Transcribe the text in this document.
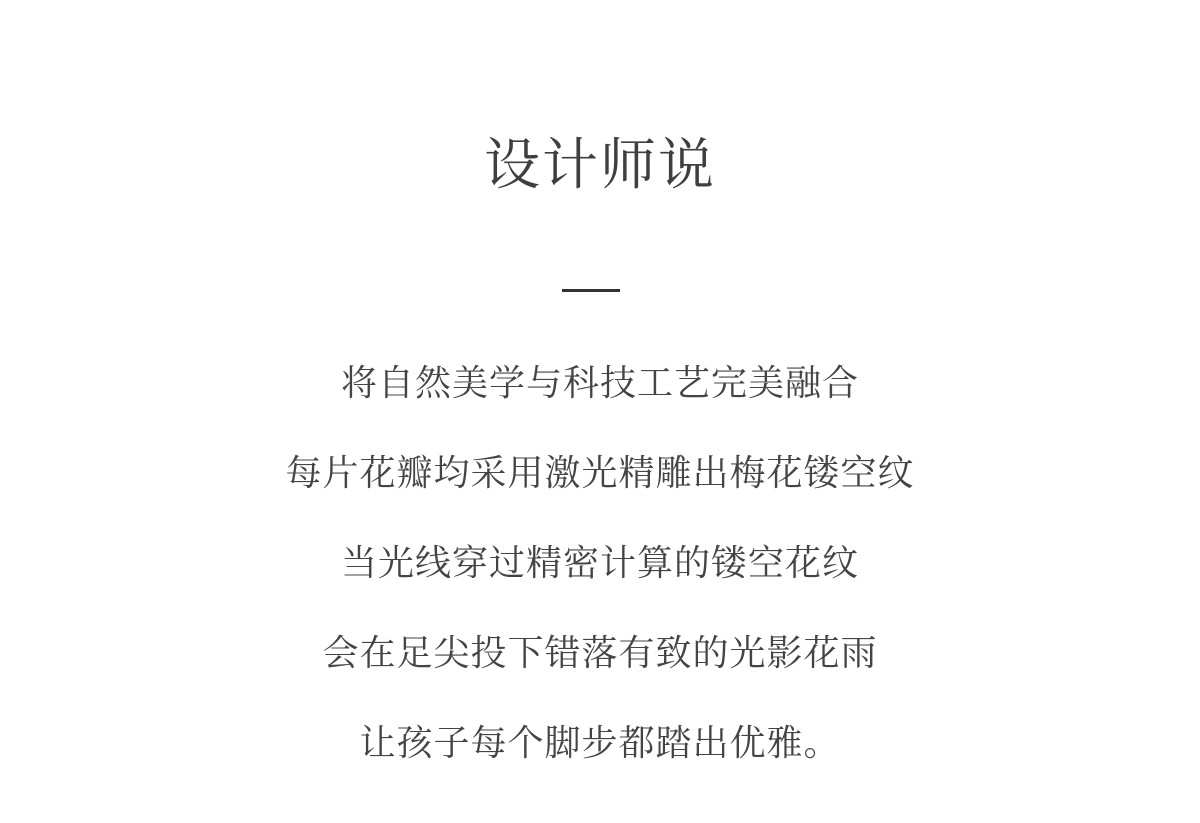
设计师说
将自然美学与科技工艺完美融合
每片花瓣均采用激光精雕出梅花镂空纹
当光线穿过精密计算的镂空花纹
会在足尖投下错落有致的光影花雨
让孩子每个脚步都踏出优雅。
